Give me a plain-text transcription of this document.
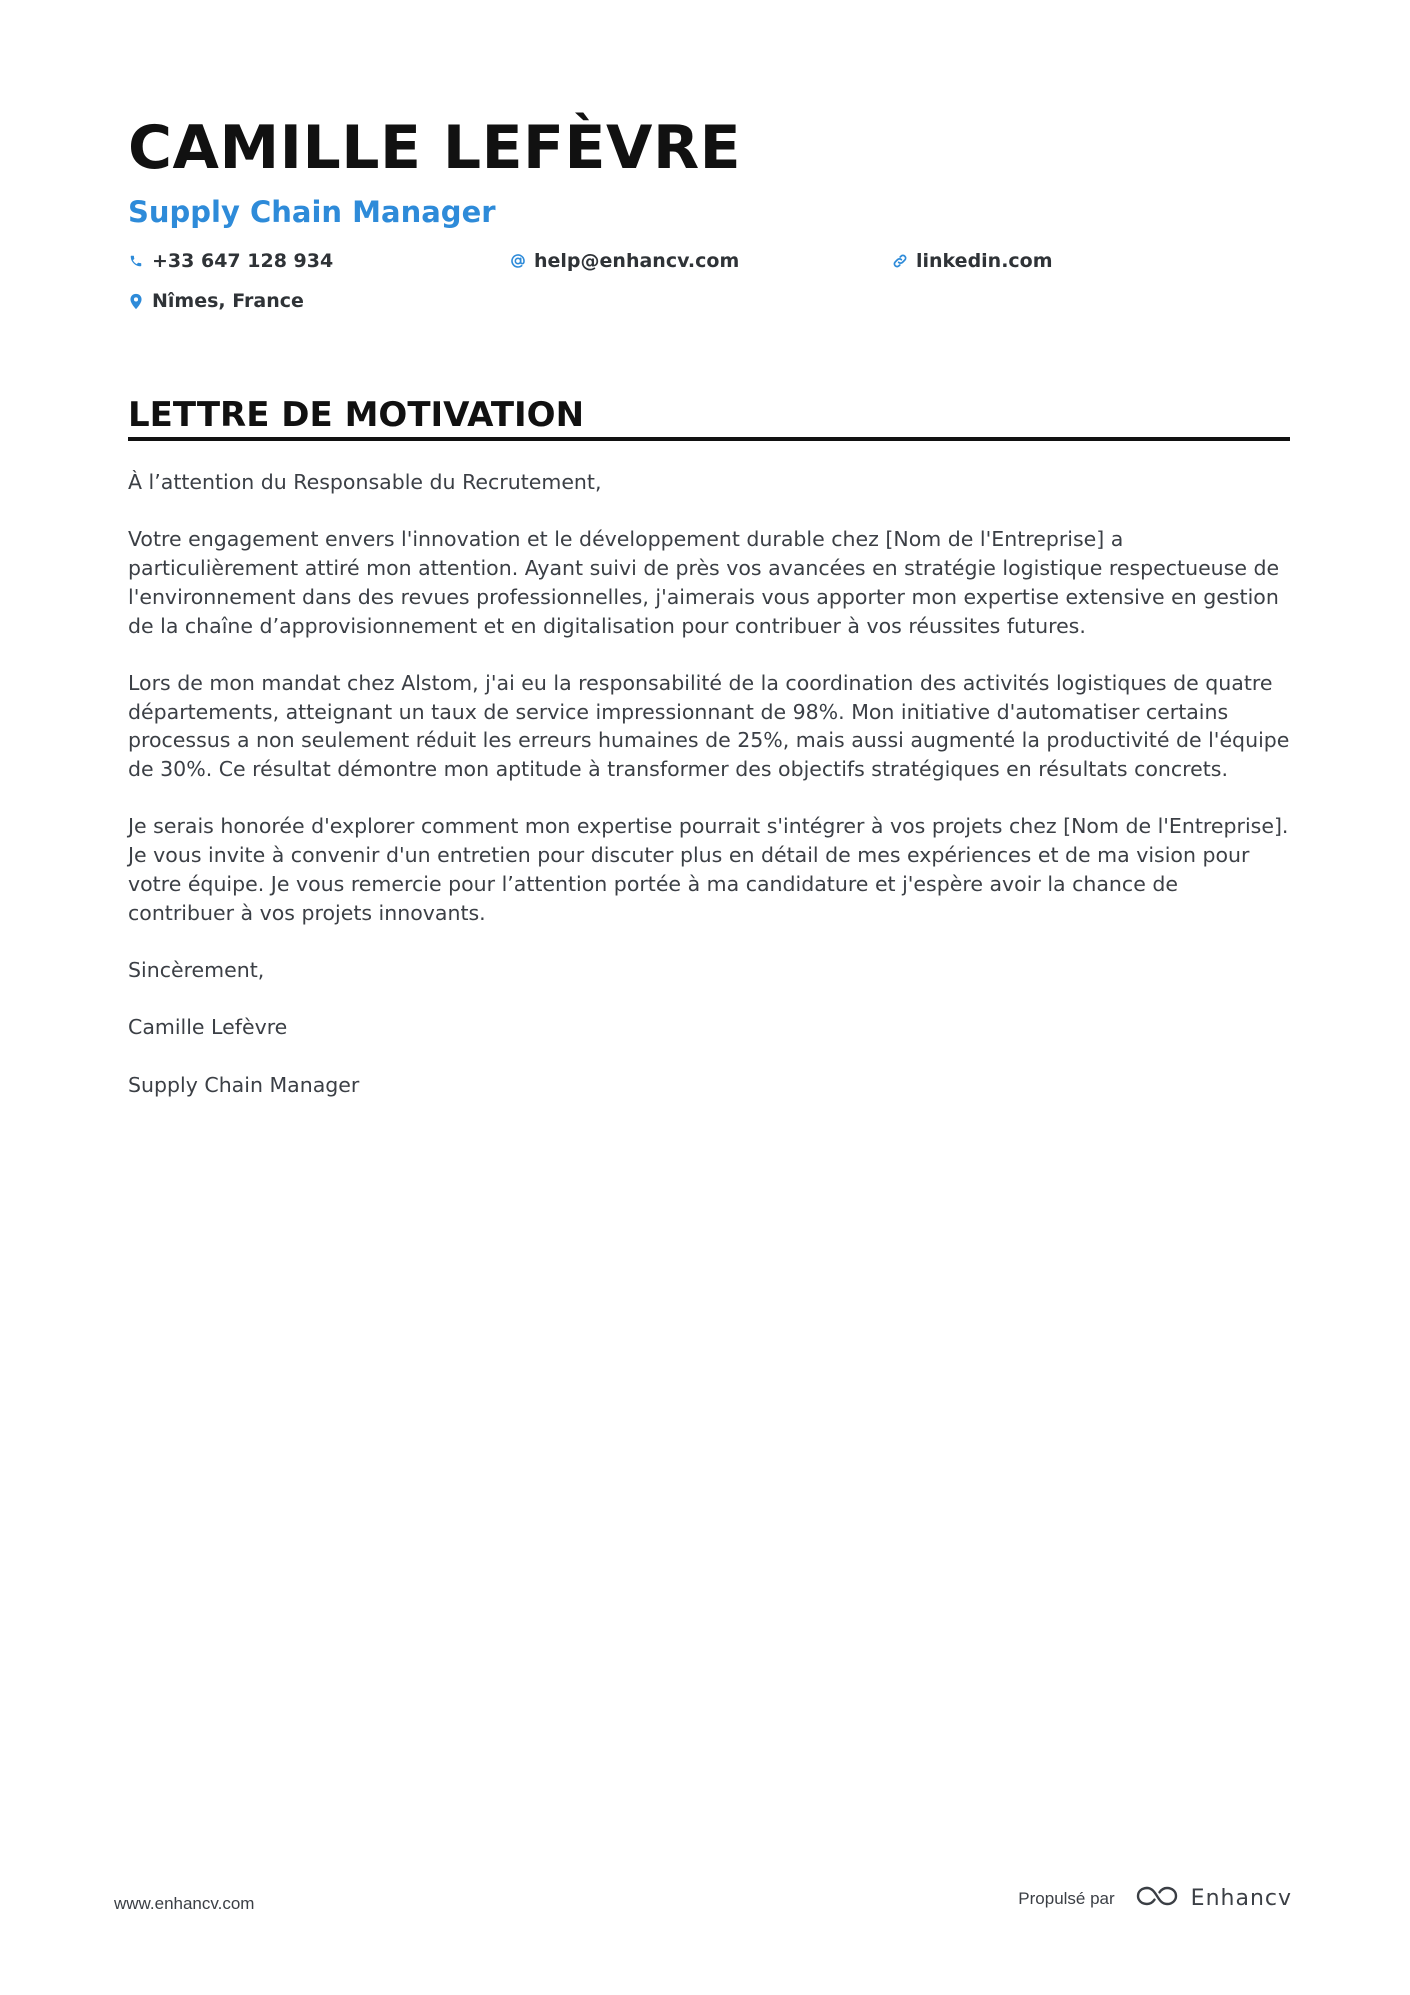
CAMILLE LEFÈVRE
Supply Chain Manager
+33 647 128 934	help@enhancv.com	linkedin.com
Nîmes, France
LETTRE DE MOTIVATION

À l’attention du Responsable du Recrutement,

Votre engagement envers l'innovation et le développement durable chez [Nom de l'Entreprise] a particulièrement attiré mon attention. Ayant suivi de près vos avancées en stratégie logistique respectueuse de l'environnement dans des revues professionnelles, j'aimerais vous apporter mon expertise extensive en gestion de la chaîne d’approvisionnement et en digitalisation pour contribuer à vos réussites futures.

Lors de mon mandat chez Alstom, j'ai eu la responsabilité de la coordination des activités logistiques de quatre départements, atteignant un taux de service impressionnant de 98%. Mon initiative d'automatiser certains processus a non seulement réduit les erreurs humaines de 25%, mais aussi augmenté la productivité de l'équipe de 30%. Ce résultat démontre mon aptitude à transformer des objectifs stratégiques en résultats concrets.

Je serais honorée d'explorer comment mon expertise pourrait s'intégrer à vos projets chez [Nom de l'Entreprise]. Je vous invite à convenir d'un entretien pour discuter plus en détail de mes expériences et de ma vision pour votre équipe. Je vous remercie pour l’attention portée à ma candidature et j'espère avoir la chance de contribuer à vos projets innovants.

Sincèrement,

Camille Lefèvre

Supply Chain Manager

www.enhancv.com	Propulsé par	Enhancv
